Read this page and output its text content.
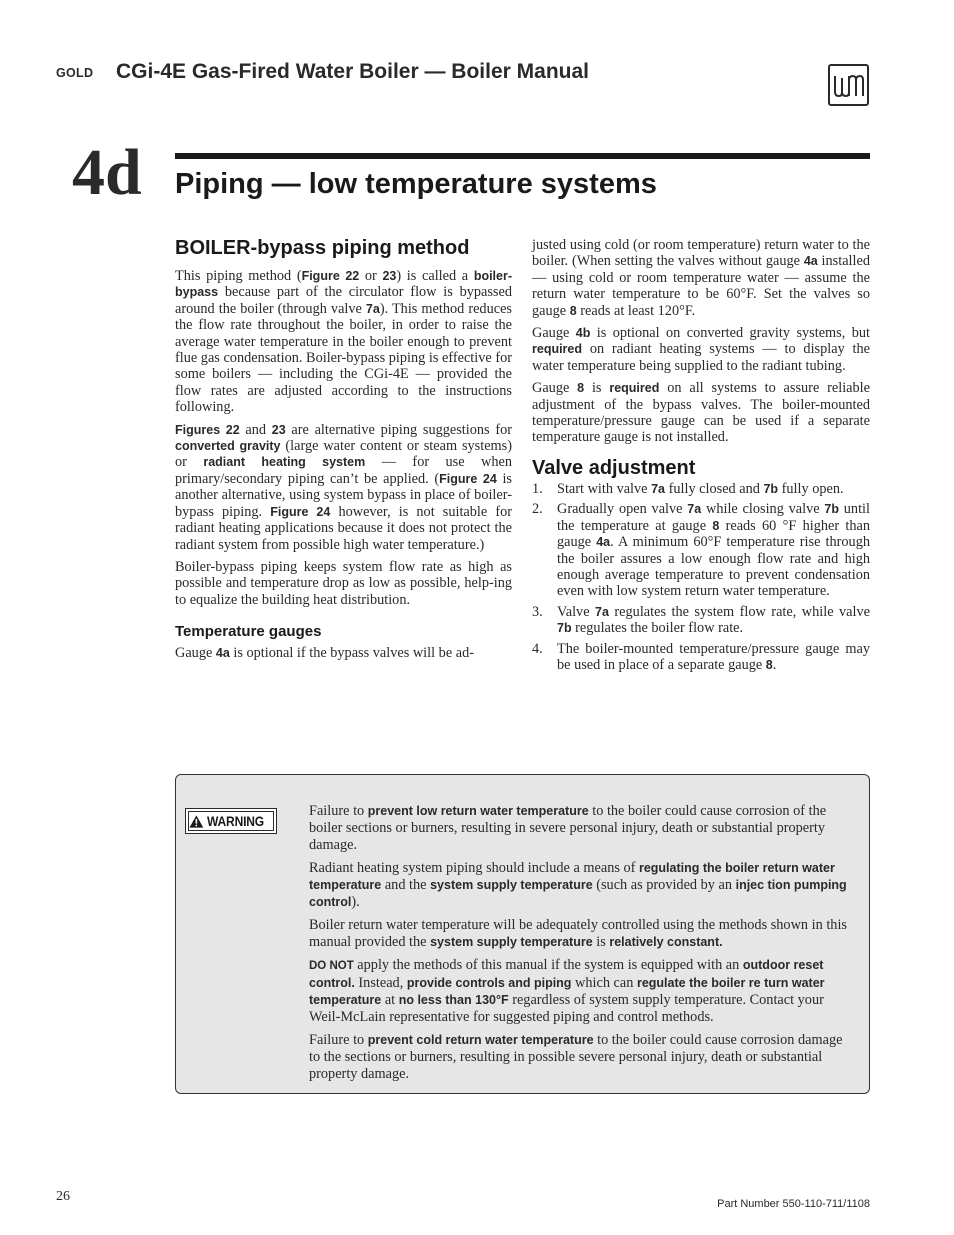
GOLD CGi-4E Gas-Fired Water Boiler — Boiler Manual
4d Piping — low temperature systems
BOILER-bypass piping method

This piping method (Figure 22 or 23) is called a boiler-bypass because part of the circulator flow is bypassed around the boiler (through valve 7a). This method reduces the flow rate throughout the boiler, in order to raise the average water temperature in the boiler enough to prevent flue gas condensation. Boiler-bypass piping is effective for some boilers — including the CGi-4E — provided the flow rates are adjusted according to the instructions following.

Figures 22 and 23 are alternative piping suggestions for converted gravity (large water content or steam systems) or radiant heating system — for use when primary/secondary piping can’t be applied. (Figure 24 is another alternative, using system bypass in place of boiler-bypass piping. Figure 24 however, is not suitable for radiant heating applications because it does not protect the radiant system from possible high water temperature.)

Boiler-bypass piping keeps system flow rate as high as possible and temperature drop as low as possible, help-ing to equalize the building heat distribution.

Temperature gauges

Gauge 4a is optional if the bypass valves will be ad-

justed using cold (or room temperature) return water to the boiler. (When setting the valves without gauge 4a installed — using cold or room temperature water — assume the return water temperature to be 60°F. Set the valves so gauge 8 reads at least 120°F.

Gauge 4b is optional on converted gravity systems, but required on radiant heating systems — to display the water temperature being supplied to the radiant tubing.

Gauge 8 is required on all systems to assure reliable adjustment of the bypass valves. The boiler-mounted temperature/pressure gauge can be used if a separate temperature gauge is not installed.

Valve adjustment
1. Start with valve 7a fully closed and 7b fully open.
2. Gradually open valve 7a while closing valve 7b until the temperature at gauge 8 reads 60 °F higher than gauge 4a. A minimum 60°F temperature rise through the boiler assures a low enough flow rate and high enough average temperature to prevent condensation even with low system return water temperature.
3. Valve 7a regulates the system flow rate, while valve 7b regulates the boiler flow rate.
4. The boiler-mounted temperature/pressure gauge may be used in place of a separate gauge 8.
WARNING

Failure to prevent low return water temperature to the boiler could cause corrosion of the boiler sections or burners, resulting in severe personal injury, death or substantial property damage.

Radiant heating system piping should include a means of regulating the boiler return water temperature and the system supply temperature (such as provided by an injec tion pumping control).

Boiler return water temperature will be adequately controlled using the methods shown in this manual provided the system supply temperature is relatively constant.

DO NOT apply the methods of this manual if the system is equipped with an outdoor reset control. Instead, provide controls and piping which can regulate the boiler re turn water temperature at no less than 130°F regardless of system supply temperature. Contact your Weil-McLain representative for suggested piping and control methods.

Failure to prevent cold return water temperature to the boiler could cause corrosion damage to the sections or burners, resulting in possible severe personal injury, death or substantial property damage.

26	Part Number 550-110-711/1108
